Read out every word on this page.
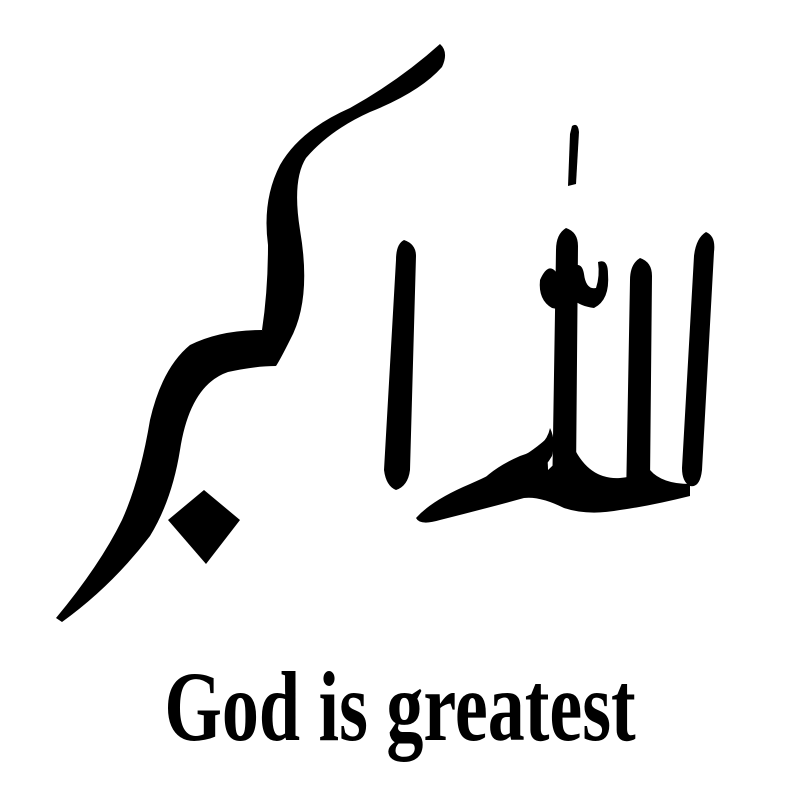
God is greatest
